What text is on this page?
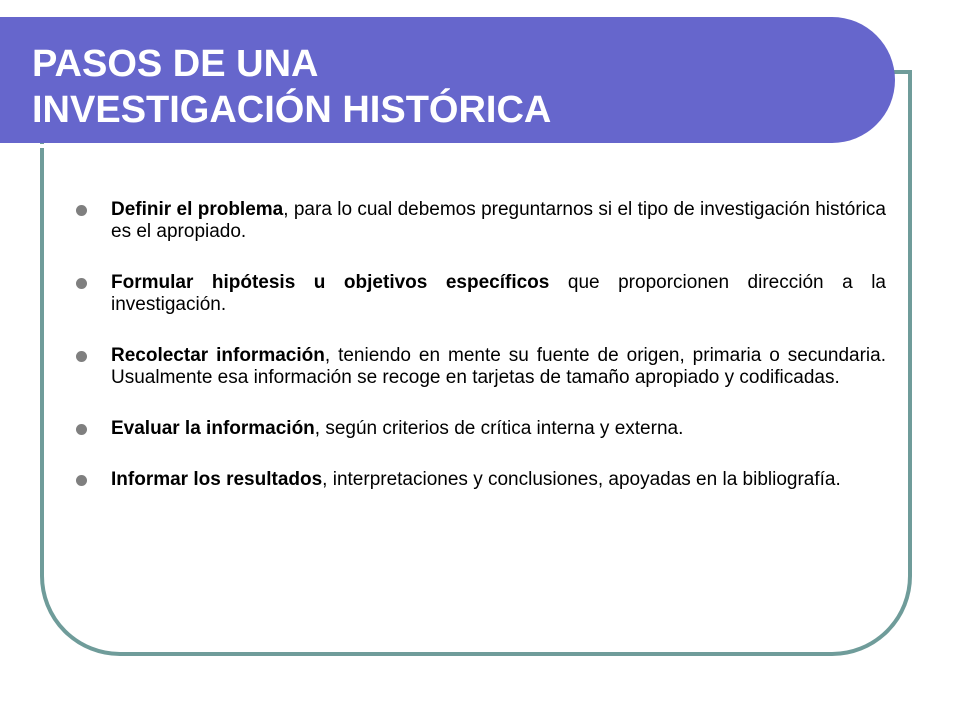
PASOS DE UNA
INVESTIGACIÓN HISTÓRICA
Definir el problema, para lo cual debemos preguntarnos si el tipo de investigación histórica es el apropiado.
Formular hipótesis u objetivos específicos que proporcionen dirección a la investigación.
Recolectar información, teniendo en mente su fuente de origen, primaria o secundaria. Usualmente esa información se recoge en tarjetas de tamaño apropiado y codificadas.
Evaluar la información, según criterios de crítica interna y externa.
Informar los resultados, interpretaciones y conclusiones, apoyadas en la bibliografía.
